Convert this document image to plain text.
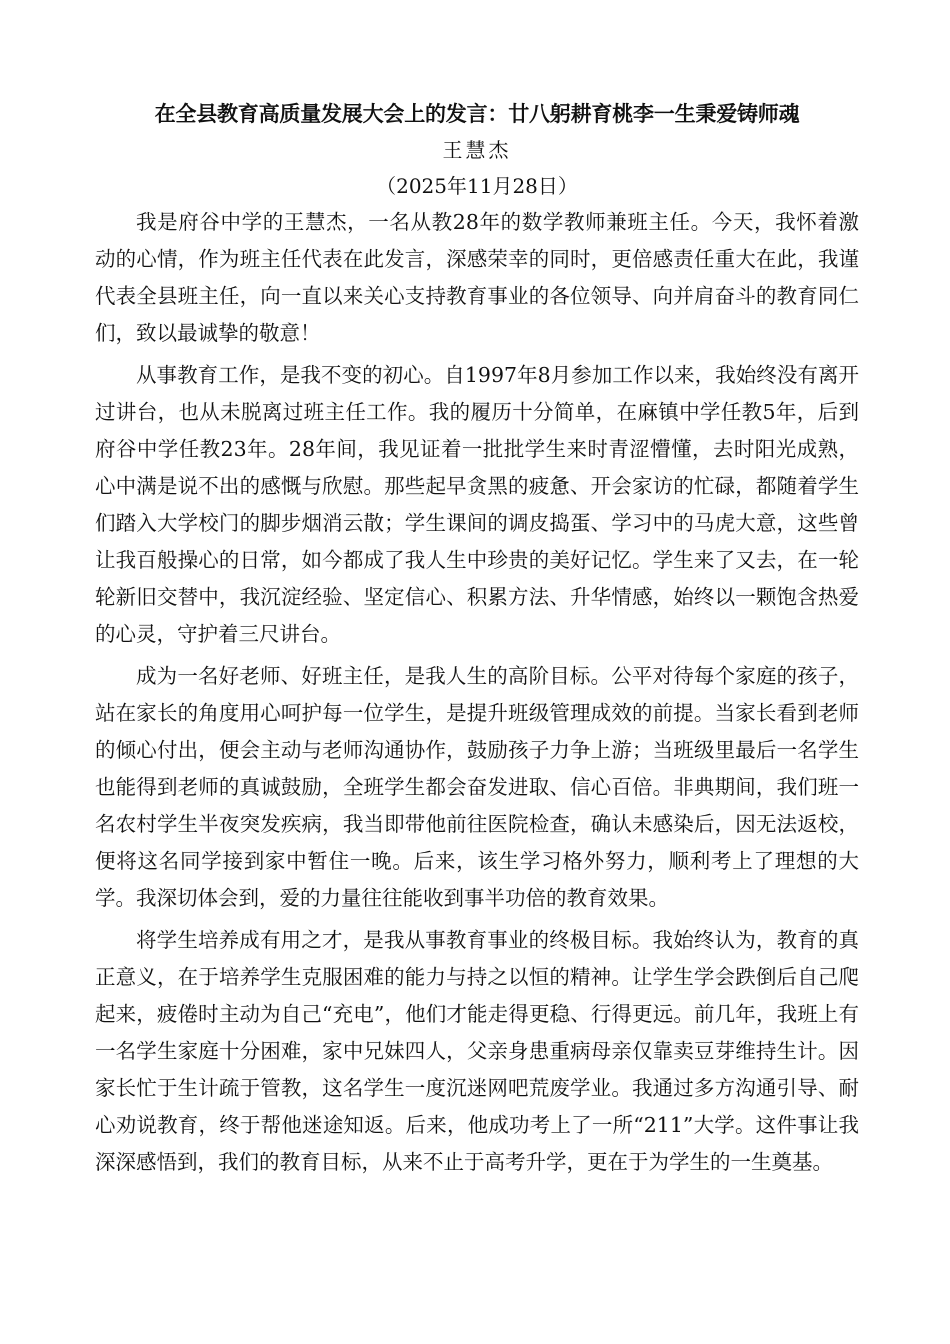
在全县教育高质量发展大会上的发言：廿八躬耕育桃李一生秉爱铸师魂

王慧杰

（2025年11月28日）

我是府谷中学的王慧杰，一名从教28年的数学教师兼班主任。今天，我怀着激动的心情，作为班主任代表在此发言，深感荣幸的同时，更倍感责任重大在此，我谨代表全县班主任，向一直以来关心支持教育事业的各位领导、向并肩奋斗的教育同仁们，致以最诚挚的敬意！

从事教育工作，是我不变的初心。自1997年8月参加工作以来，我始终没有离开过讲台，也从未脱离过班主任工作。我的履历十分简单，在麻镇中学任教5年，后到府谷中学任教23年。28年间，我见证着一批批学生来时青涩懵懂，去时阳光成熟，心中满是说不出的感慨与欣慰。那些起早贪黑的疲惫、开会家访的忙碌，都随着学生们踏入大学校门的脚步烟消云散；学生课间的调皮捣蛋、学习中的马虎大意，这些曾让我百般操心的日常，如今都成了我人生中珍贵的美好记忆。学生来了又去，在一轮轮新旧交替中，我沉淀经验、坚定信心、积累方法、升华情感，始终以一颗饱含热爱的心灵，守护着三尺讲台。

成为一名好老师、好班主任，是我人生的高阶目标。公平对待每个家庭的孩子，站在家长的角度用心呵护每一位学生，是提升班级管理成效的前提。当家长看到老师的倾心付出，便会主动与老师沟通协作，鼓励孩子力争上游；当班级里最后一名学生也能得到老师的真诚鼓励，全班学生都会奋发进取、信心百倍。非典期间，我们班一名农村学生半夜突发疾病，我当即带他前往医院检查，确认未感染后，因无法返校，便将这名同学接到家中暂住一晚。后来，该生学习格外努力，顺利考上了理想的大学。我深切体会到，爱的力量往往能收到事半功倍的教育效果。

将学生培养成有用之才，是我从事教育事业的终极目标。我始终认为，教育的真正意义，在于培养学生克服困难的能力与持之以恒的精神。让学生学会跌倒后自己爬起来，疲倦时主动为自己“充电”，他们才能走得更稳、行得更远。前几年，我班上有一名学生家庭十分困难，家中兄妹四人，父亲身患重病母亲仅靠卖豆芽维持生计。因家长忙于生计疏于管教，这名学生一度沉迷网吧荒废学业。我通过多方沟通引导、耐心劝说教育，终于帮他迷途知返。后来，他成功考上了一所“211”大学。这件事让我深深感悟到，我们的教育目标，从来不止于高考升学，更在于为学生的一生奠基。
